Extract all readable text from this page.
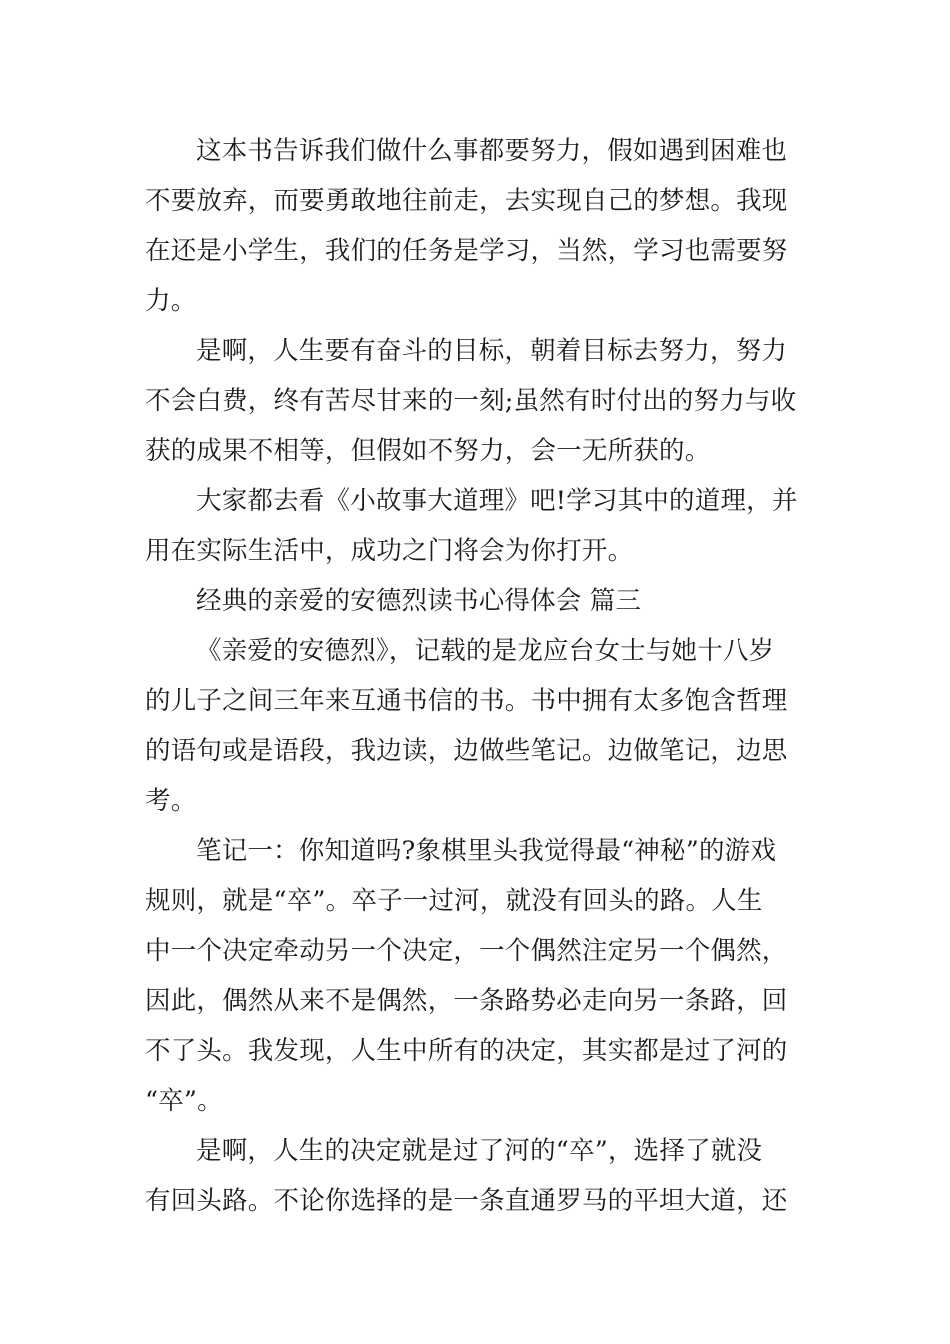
这本书告诉我们做什么事都要努力，假如遇到困难也
不要放弃，而要勇敢地往前走，去实现自己的梦想。我现
在还是小学生，我们的任务是学习，当然，学习也需要努
力。
是啊，人生要有奋斗的目标，朝着目标去努力，努力
不会白费，终有苦尽甘来的一刻;虽然有时付出的努力与收
获的成果不相等，但假如不努力，会一无所获的。
大家都去看《小故事大道理》吧!学习其中的道理，并
用在实际生活中，成功之门将会为你打开。
经典的亲爱的安德烈读书心得体会 篇三
《亲爱的安德烈》，记载的是龙应台女士与她十八岁
的儿子之间三年来互通书信的书。书中拥有太多饱含哲理
的语句或是语段，我边读，边做些笔记。边做笔记，边思
考。
笔记一：你知道吗?象棋里头我觉得最“神秘”的游戏
规则，就是“卒”。卒子一过河，就没有回头的路。人生
中一个决定牵动另一个决定，一个偶然注定另一个偶然，
因此，偶然从来不是偶然，一条路势必走向另一条路，回
不了头。我发现，人生中所有的决定，其实都是过了河的
“卒”。
是啊，人生的决定就是过了河的“卒”，选择了就没
有回头路。不论你选择的是一条直通罗马的平坦大道，还
